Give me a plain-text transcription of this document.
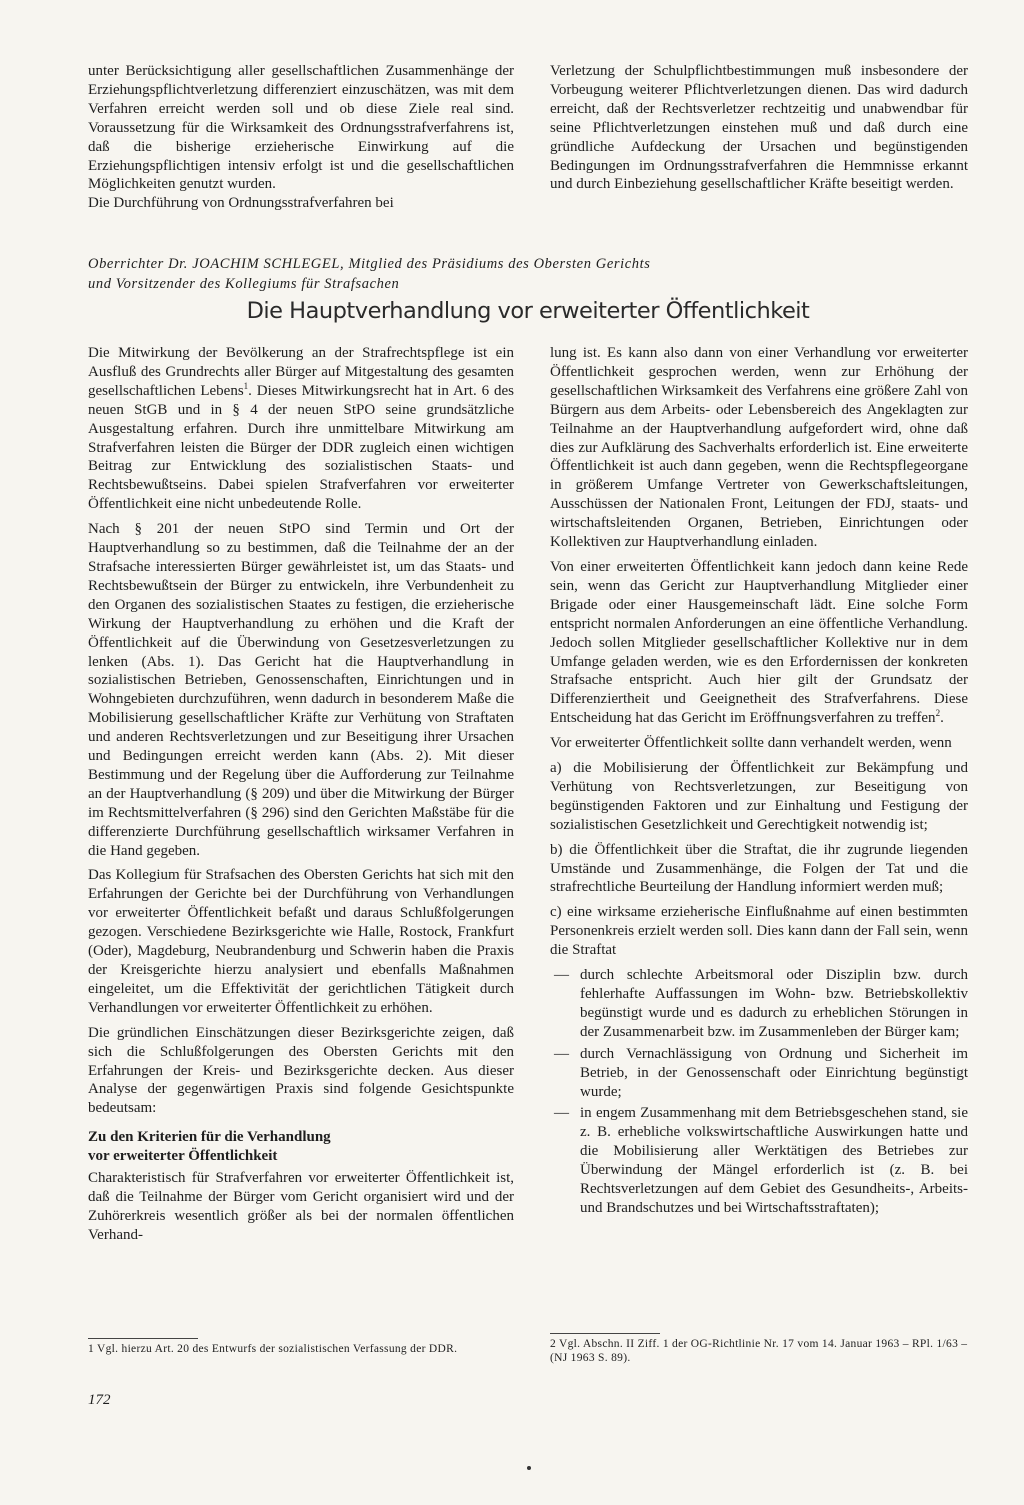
unter Berücksichtigung aller gesellschaftlichen Zusammenhänge der Erziehungspflichtverletzung differenziert einzuschätzen, was mit dem Verfahren erreicht werden soll und ob diese Ziele real sind. Voraussetzung für die Wirksamkeit des Ordnungsstrafverfahrens ist, daß die bisherige erzieherische Einwirkung auf die Erziehungspflichtigen intensiv erfolgt ist und die gesellschaftlichen Möglichkeiten genutzt wurden.

Die Durchführung von Ordnungsstrafverfahren bei

Verletzung der Schulpflichtbestimmungen muß insbesondere der Vorbeugung weiterer Pflichtverletzungen dienen. Das wird dadurch erreicht, daß der Rechtsverletzer rechtzeitig und unabwendbar für seine Pflichtverletzungen einstehen muß und daß durch eine gründliche Aufdeckung der Ursachen und begünstigenden Bedingungen im Ordnungsstrafverfahren die Hemmnisse erkannt und durch Einbeziehung gesellschaftlicher Kräfte beseitigt werden.

Oberrichter Dr. JOACHIM SCHLEGEL, Mitglied des Präsidiums des Obersten Gerichts
und Vorsitzender des Kollegiums für Strafsachen
Die Hauptverhandlung vor erweiterter Öffentlichkeit

Die Mitwirkung der Bevölkerung an der Strafrechtspflege ist ein Ausfluß des Grundrechts aller Bürger auf Mitgestaltung des gesamten gesellschaftlichen Lebens$^1$. Dieses Mitwirkungsrecht hat in Art. 6 des neuen StGB und in § 4 der neuen StPO seine grundsätzliche Ausgestaltung erfahren. Durch ihre unmittelbare Mitwirkung am Strafverfahren leisten die Bürger der DDR zugleich einen wichtigen Beitrag zur Entwicklung des sozialistischen Staats- und Rechtsbewußtseins. Dabei spielen Strafverfahren vor erweiterter Öffentlichkeit eine nicht unbedeutende Rolle.

Nach § 201 der neuen StPO sind Termin und Ort der Hauptverhandlung so zu bestimmen, daß die Teilnahme der an der Strafsache interessierten Bürger gewährleistet ist, um das Staats- und Rechtsbewußtsein der Bürger zu entwickeln, ihre Verbundenheit zu den Organen des sozialistischen Staates zu festigen, die erzieherische Wirkung der Hauptverhandlung zu erhöhen und die Kraft der Öffentlichkeit auf die Überwindung von Gesetzesverletzungen zu lenken (Abs. 1). Das Gericht hat die Hauptverhandlung in sozialistischen Betrieben, Genossenschaften, Einrichtungen und in Wohngebieten durchzuführen, wenn dadurch in besonderem Maße die Mobilisierung gesellschaftlicher Kräfte zur Verhütung von Straftaten und anderen Rechtsverletzungen und zur Beseitigung ihrer Ursachen und Bedingungen erreicht werden kann (Abs. 2). Mit dieser Bestimmung und der Regelung über die Aufforderung zur Teilnahme an der Hauptverhandlung (§ 209) und über die Mitwirkung der Bürger im Rechtsmittelverfahren (§ 296) sind den Gerichten Maßstäbe für die differenzierte Durchführung gesellschaftlich wirksamer Verfahren in die Hand gegeben.

Das Kollegium für Strafsachen des Obersten Gerichts hat sich mit den Erfahrungen der Gerichte bei der Durchführung von Verhandlungen vor erweiterter Öffentlichkeit befaßt und daraus Schlußfolgerungen gezogen. Verschiedene Bezirksgerichte wie Halle, Rostock, Frankfurt (Oder), Magdeburg, Neubrandenburg und Schwerin haben die Praxis der Kreisgerichte hierzu analysiert und ebenfalls Maßnahmen eingeleitet, um die Effektivität der gerichtlichen Tätigkeit durch Verhandlungen vor erweiterter Öffentlichkeit zu erhöhen.

Die gründlichen Einschätzungen dieser Bezirksgerichte zeigen, daß sich die Schlußfolgerungen des Obersten Gerichts mit den Erfahrungen der Kreis- und Bezirksgerichte decken. Aus dieser Analyse der gegenwärtigen Praxis sind folgende Gesichtspunkte bedeutsam:

Zu den Kriterien für die Verhandlung
vor erweiterter Öffentlichkeit

Charakteristisch für Strafverfahren vor erweiterter Öffentlichkeit ist, daß die Teilnahme der Bürger vom Gericht organisiert wird und der Zuhörerkreis wesentlich größer als bei der normalen öffentlichen Verhand-

lung ist. Es kann also dann von einer Verhandlung vor erweiterter Öffentlichkeit gesprochen werden, wenn zur Erhöhung der gesellschaftlichen Wirksamkeit des Verfahrens eine größere Zahl von Bürgern aus dem Arbeits- oder Lebensbereich des Angeklagten zur Teilnahme an der Hauptverhandlung aufgefordert wird, ohne daß dies zur Aufklärung des Sachverhalts erforderlich ist. Eine erweiterte Öffentlichkeit ist auch dann gegeben, wenn die Rechtspflegeorgane in größerem Umfange Vertreter von Gewerkschaftsleitungen, Ausschüssen der Nationalen Front, Leitungen der FDJ, staats- und wirtschaftsleitenden Organen, Betrieben, Einrichtungen oder Kollektiven zur Hauptverhandlung einladen.

Von einer erweiterten Öffentlichkeit kann jedoch dann keine Rede sein, wenn das Gericht zur Hauptverhandlung Mitglieder einer Brigade oder einer Hausgemeinschaft lädt. Eine solche Form entspricht normalen Anforderungen an eine öffentliche Verhandlung. Jedoch sollen Mitglieder gesellschaftlicher Kollektive nur in dem Umfange geladen werden, wie es den Erfordernissen der konkreten Strafsache entspricht. Auch hier gilt der Grundsatz der Differenziertheit und Geeignetheit des Strafverfahrens. Diese Entscheidung hat das Gericht im Eröffnungsverfahren zu treffen$^2$.

Vor erweiterter Öffentlichkeit sollte dann verhandelt werden, wenn

a) die Mobilisierung der Öffentlichkeit zur Bekämpfung und Verhütung von Rechtsverletzungen, zur Beseitigung von begünstigenden Faktoren und zur Einhaltung und Festigung der sozialistischen Gesetzlichkeit und Gerechtigkeit notwendig ist;

b) die Öffentlichkeit über die Straftat, die ihr zugrunde liegenden Umstände und Zusammenhänge, die Folgen der Tat und die strafrechtliche Beurteilung der Handlung informiert werden muß;

c) eine wirksame erzieherische Einflußnahme auf einen bestimmten Personenkreis erzielt werden soll. Dies kann dann der Fall sein, wenn die Straftat

— durch schlechte Arbeitsmoral oder Disziplin bzw. durch fehlerhafte Auffassungen im Wohn- bzw. Betriebskollektiv begünstigt wurde und es dadurch zu erheblichen Störungen in der Zusammenarbeit bzw. im Zusammenleben der Bürger kam;

— durch Vernachlässigung von Ordnung und Sicherheit im Betrieb, in der Genossenschaft oder Einrichtung begünstigt wurde;

— in engem Zusammenhang mit dem Betriebsgeschehen stand, sie z. B. erhebliche volkswirtschaftliche Auswirkungen hatte und die Mobilisierung aller Werktätigen des Betriebes zur Überwindung der Mängel erforderlich ist (z. B. bei Rechtsverletzungen auf dem Gebiet des Gesundheits-, Arbeits- und Brandschutzes und bei Wirtschaftsstraftaten);

1 Vgl. hierzu Art. 20 des Entwurfs der sozialistischen Verfassung der DDR.	2 Vgl. Abschn. II Ziff. 1 der OG-Richtlinie Nr. 17 vom 14. Januar 1963 – RPl. 1/63 – (NJ 1963 S. 89).
172
